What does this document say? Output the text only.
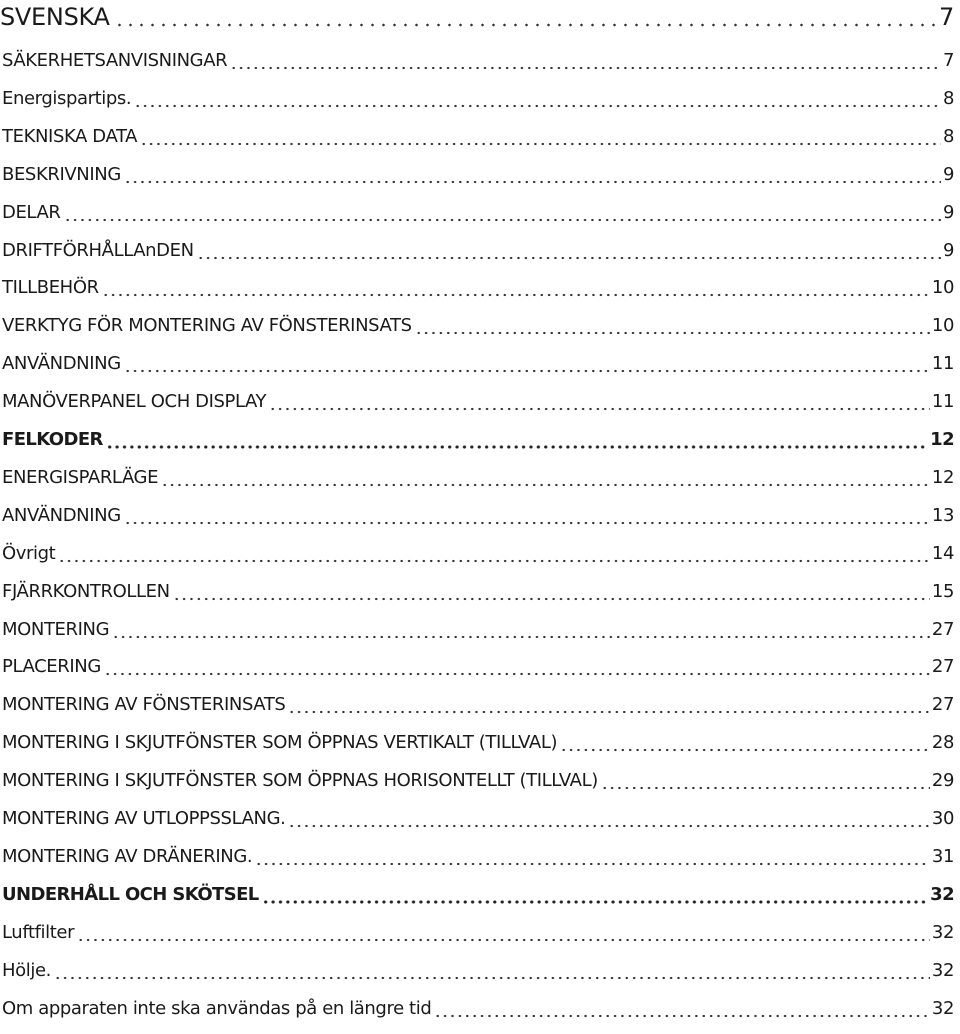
SVENSKA	7
SÄKERHETSANVISNINGAR	7
Energispartips.	8
TEKNISKA DATA	8
BESKRIVNING	9
DELAR	9
DRIFTFÖRHÅLLAnDEN	9
TILLBEHÖR	10
VERKTYG FÖR MONTERING AV FÖNSTERINSATS	10
ANVÄNDNING	11
MANÖVERPANEL OCH DISPLAY	11
FELKODER	12
ENERGISPARLÄGE	12
ANVÄNDNING	13
Övrigt	14
FJÄRRKONTROLLEN	15
MONTERING	27
PLACERING	27
MONTERING AV FÖNSTERINSATS	27
MONTERING I SKJUTFÖNSTER SOM ÖPPNAS VERTIKALT (TILLVAL)	28
MONTERING I SKJUTFÖNSTER SOM ÖPPNAS HORISONTELLT (TILLVAL)	29
MONTERING AV UTLOPPSSLANG.	30
MONTERING AV DRÄNERING.	31
UNDERHÅLL OCH SKÖTSEL	32
Luftfilter	32
Hölje.	32
Om apparaten inte ska användas på en längre tid	32
